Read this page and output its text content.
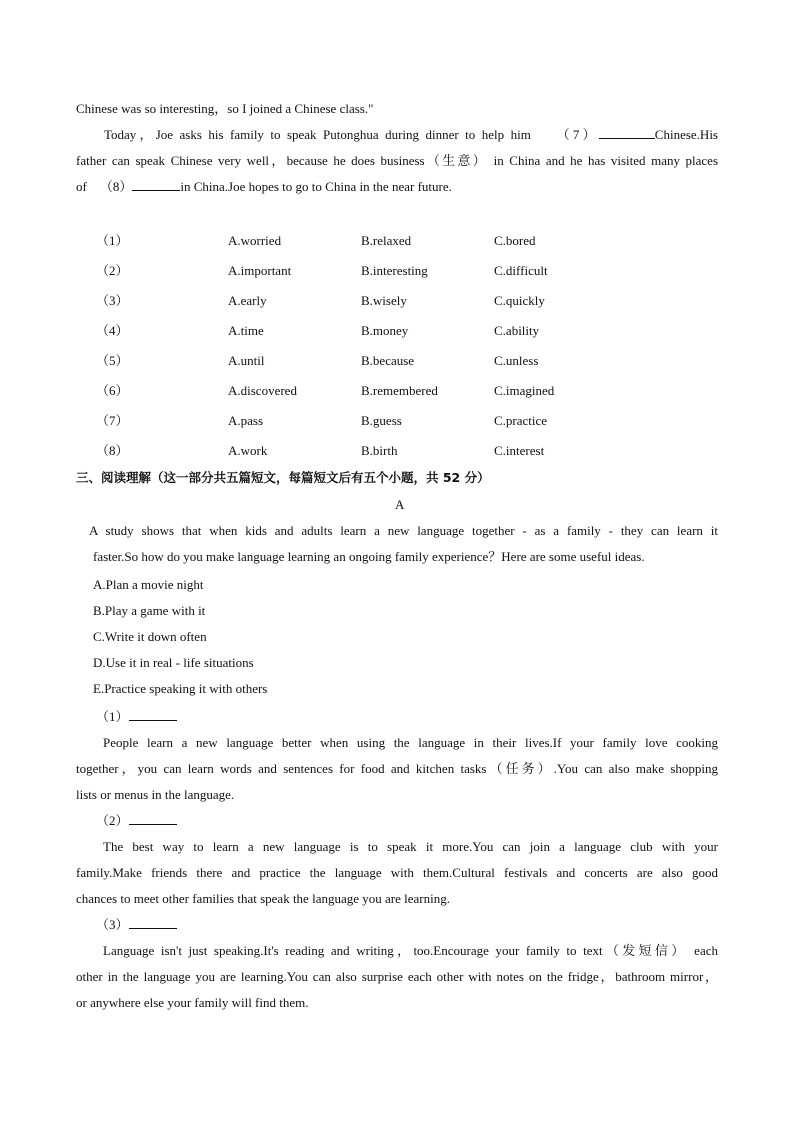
Chinese was so interesting，so I joined a Chinese class."
Today，Joe asks his family to speak Putonghua during dinner to help him （7）	Chinese.His
father can speak Chinese very well，because he does business（生意） in China and he has visited many places
of （8）	in China.Joe hopes to go to China in the near future.
（1）	A.worried	B.relaxed	C.bored
（2）	A.important	B.interesting	C.difficult
（3）	A.early	B.wisely	C.quickly
（4）	A.time	B.money	C.ability
（5）	A.until	B.because	C.unless
（6）	A.discovered	B.remembered	C.imagined
（7）	A.pass	B.guess	C.practice
（8）	A.work	B.birth	C.interest
三、阅读理解（这一部分共五篇短文，每篇短文后有五个小题，共 52 分）
A
A study shows that when kids and adults learn a new language together - as a family - they can learn it
faster.So how do you make language learning an ongoing family experience？Here are some useful ideas.
A.Plan a movie night
B.Play a game with it
C.Write it down often
D.Use it in real - life situations
E.Practice speaking it with others
（1）
People learn a new language better when using the language in their lives.If your family love cooking
together，you can learn words and sentences for food and kitchen tasks（任务）.You can also make shopping
lists or menus in the language.
（2）
The best way to learn a new language is to speak it more.You can join a language club with your
family.Make friends there and practice the language with them.Cultural festivals and concerts are also good
chances to meet other families that speak the language you are learning.
（3）
Language isn't just speaking.It's reading and writing，too.Encourage your family to text（发短信） each
other in the language you are learning.You can also surprise each other with notes on the fridge，bathroom mirror，
or anywhere else your family will find them.
